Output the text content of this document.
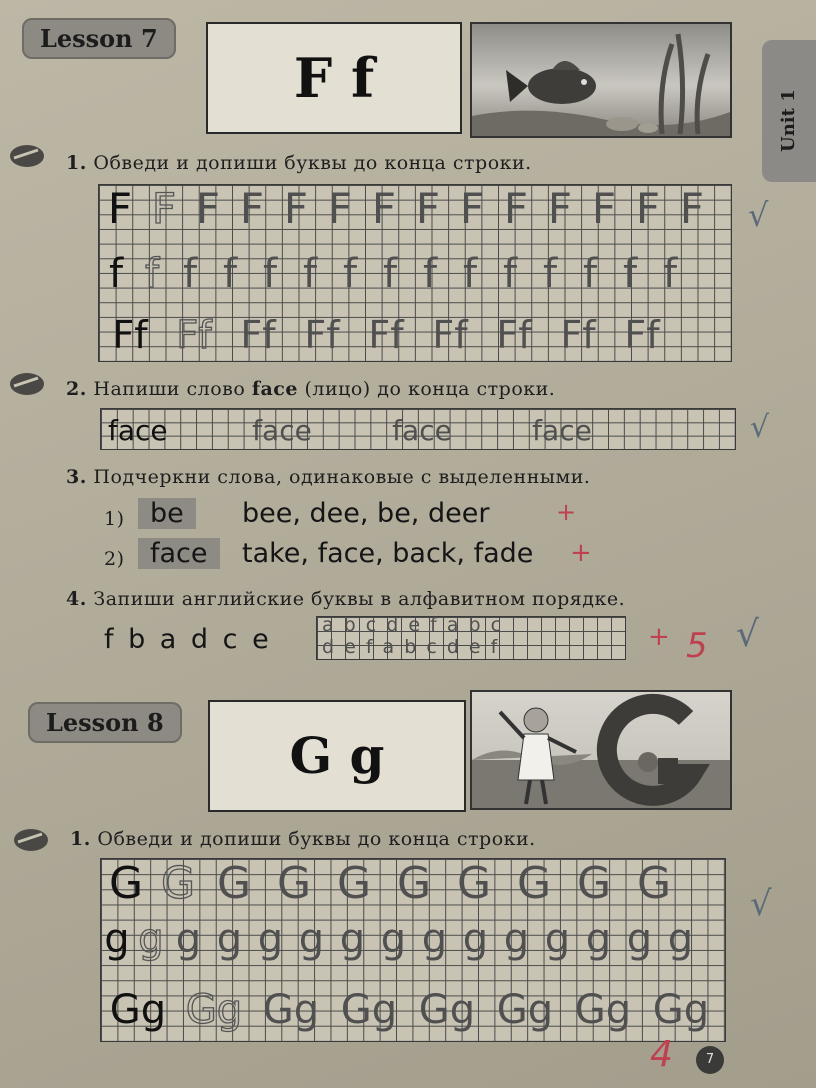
Unit 1
Lesson 7
F f
1. Обведи и допиши буквы до конца строки.
F F F F F F F F F F F F F F
f f f f f f f f f f f f f f f
Ff Ff Ff Ff Ff Ff Ff Ff Ff
√
2. Напиши слово face (лицо) до конца строки.
face	face	face	face	√
3. Подчеркни слова, одинаковые с выделенными.
1) be	bee, dee, be, deer	+
2) face	take, face, back, fade +
4. Запиши английские буквы в алфавитном порядке.
f b a d c e	a b c d e f a b c
d e f a b c d e f	+ 5 √
Lesson 8
G g
1. Обведи и допиши буквы до конца строки.
G G G G G G G G G G
g g g g g g g g g g g g g g g
Gg Gg Gg Gg Gg Gg Gg Gg
√
4	7
